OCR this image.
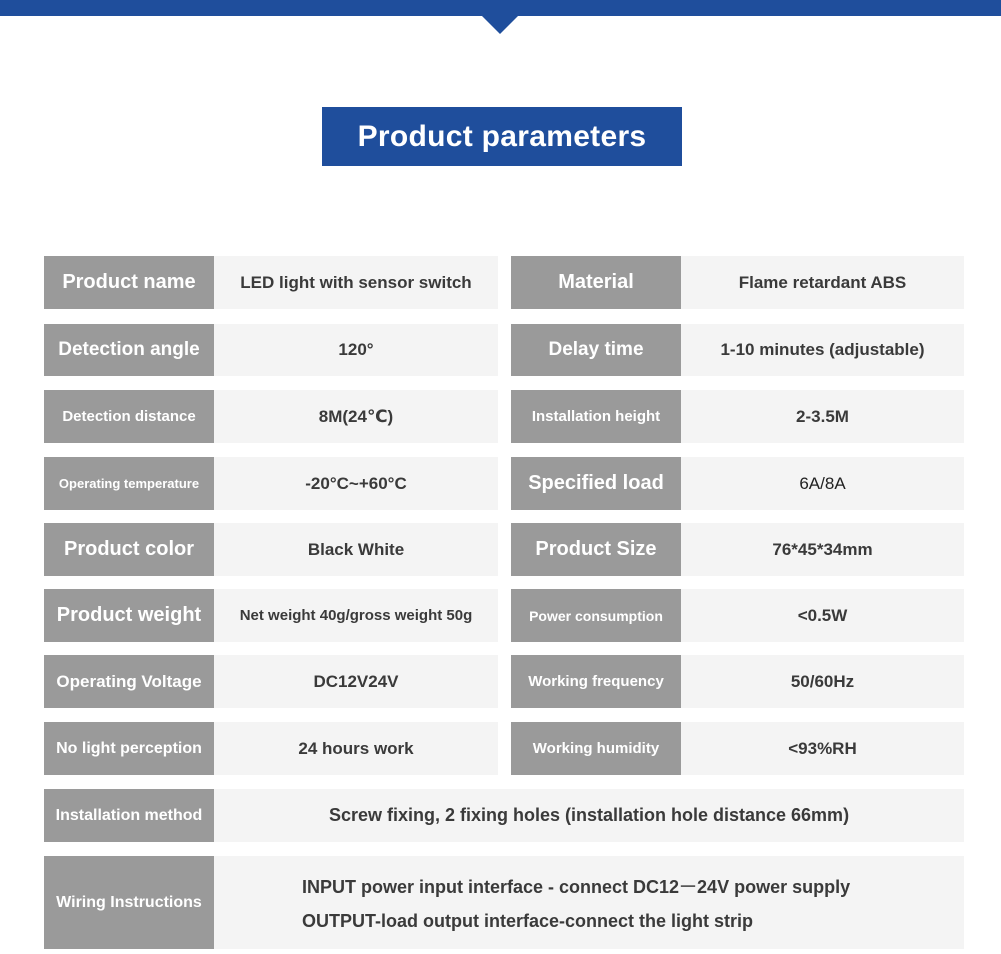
Product parameters
Product name	LED light with sensor switch	Material	Flame retardant ABS
Detection angle	120°	Delay time	1-10 minutes (adjustable)
Detection distance	8M(24℃)	Installation height	2-3.5M
Operating temperature	-20°C~+60°C	Specified load	6A/8A
Product color	Black White	Product Size	76*45*34mm
Product weight	Net weight 40g/gross weight 50g	Power consumption	<0.5W
Operating Voltage	DC12V24V	Working frequency	50/60Hz
No light perception	24 hours work	Working humidity	<93%RH
Installation method	Screw fixing, 2 fixing holes (installation hole distance 66mm)
Wiring Instructions
INPUT power input interface - connect DC12－24V power supply
OUTPUT-load output interface-connect the light strip
